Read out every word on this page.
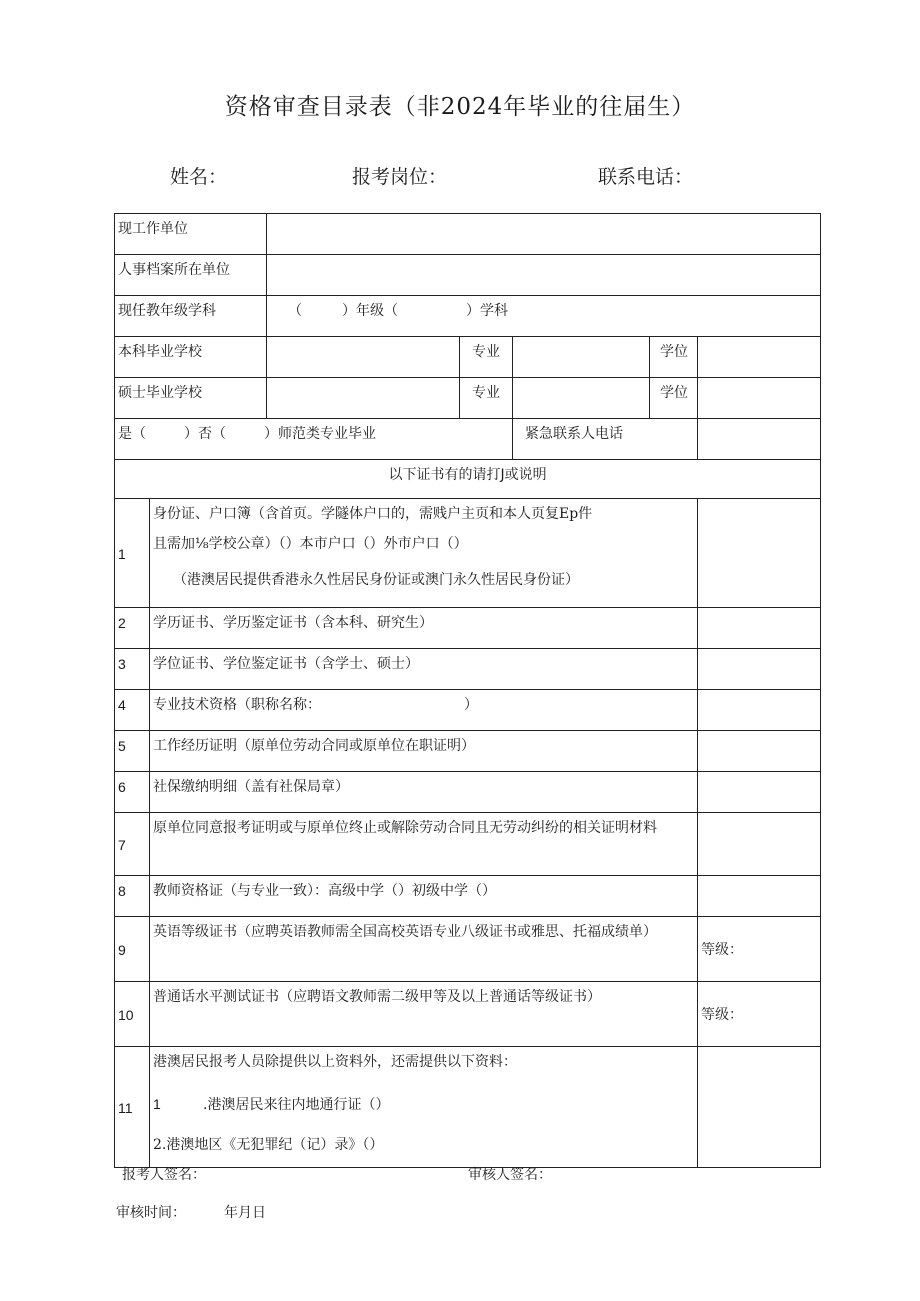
资格审查目录表（非2024年毕业的往届生）
姓名：	报考岗位：	联系电话：
现工作单位						
人事档案所在单位						
现任教年级学科		（ ）年级（ ）学科				
本科毕业学校			专业		学位	
硕士毕业学校			专业		学位	
是（ ）否（ ）师范类专业毕业				紧急联系人电话		
以下证书有的请打J或说明						
1	身份证、户口簿（含首页。学隧体户口的，需贱户主页和本人页复Ep件
且需加⅛学校公章）（）本市户口（）外市户口（）
（港澳居民提供香港永久性居民身份证或澳门永久性居民身份证）					

2	学历证书、学历鉴定证书（含本科、研究生）					
3	学位证书、学位鉴定证书（含学士、硕士）					
4	专业技术资格（职称名称： ）					
5	工作经历证明（原单位劳动合同或原单位在职证明）					
6	社保缴纳明细（盖有社保局章）					
7	原单位同意报考证明或与原单位终止或解除劳动合同且无劳动纠纷的相关证明材料					
8	教师资格证（与专业一致）：高级中学（）初级中学（）					
9	英语等级证书（应聘英语教师需全国高校英语专业八级证书或雅思、托福成绩单）					等级：
10	普通话水平测试证书（应聘语文教师需二级甲等及以上普通话等级证书）					等级：
11	港澳居民报考人员除提供以上资料外，还需提供以下资料：
1 .港澳居民来往内地通行证（）
2.港澳地区《无犯罪纪（记）录》（）					

报考人签名：	审核人签名：
审核时间：	年月日
